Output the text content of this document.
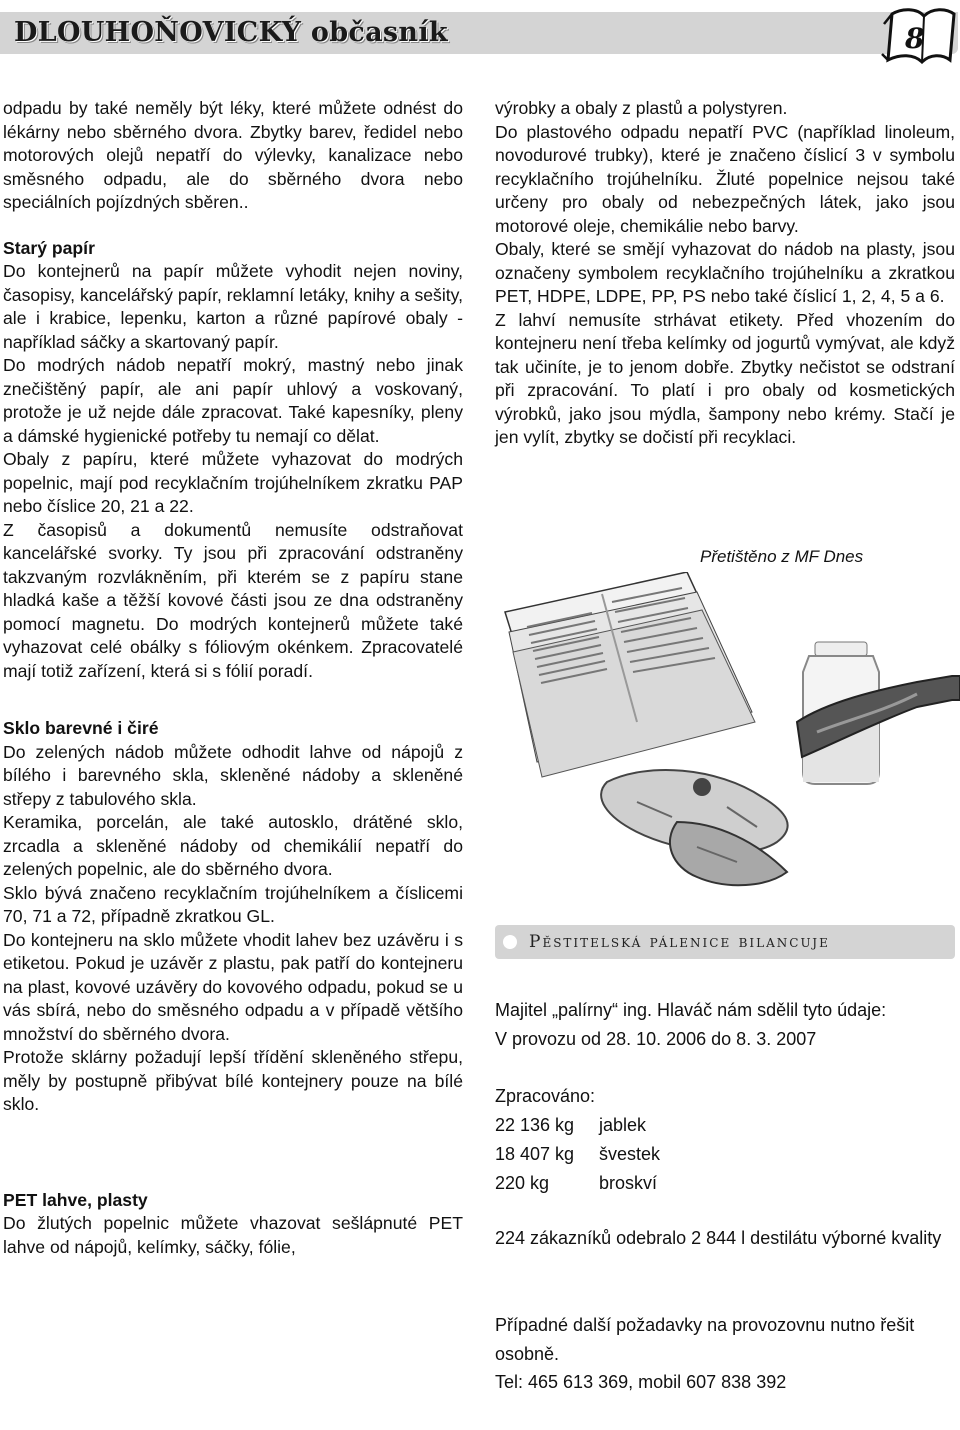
DLOUHOŇOVICKÝ občasník	8

odpadu by také neměly být léky, které můžete odnést do lékárny nebo sběrného dvora. Zbytky barev, ředidel nebo motorových olejů nepatří do výlevky, kanalizace nebo směsného odpadu, ale do sběrného dvora nebo speciálních pojízdných sběren..

Starý papír

Do kontejnerů na papír můžete vyhodit nejen noviny, časopisy, kancelářský papír, reklamní letáky, knihy a sešity, ale i krabice, lepenku, karton a různé papírové obaly - například sáčky a skartovaný papír.

Do modrých nádob nepatří mokrý, mastný nebo jinak znečištěný papír, ale ani papír uhlový a voskovaný, protože je už nejde dále zpracovat. Také kapesníky, pleny a dámské hygienické potřeby tu nemají co dělat.

Obaly z papíru, které můžete vyhazovat do modrých popelnic, mají pod recyklačním trojúhelníkem zkratku PAP nebo číslice 20, 21 a 22.

Z časopisů a dokumentů nemusíte odstraňovat kancelářské svorky. Ty jsou při zpracování odstraněny takzvaným rozvlákněním, při kterém se z papíru stane hladká kaše a těžší kovové části jsou ze dna odstraněny pomocí magnetu. Do modrých kontejnerů můžete také vyhazovat celé obálky s fóliovým okénkem. Zpracovatelé mají totiž zařízení, která si s fólií poradí.

Sklo barevné i čiré

Do zelených nádob můžete odhodit lahve od nápojů z bílého i barevného skla, skleněné nádoby a skleněné střepy z tabulového skla.

Keramika, porcelán, ale také autosklo, drátěné sklo, zrcadla a skleněné nádoby od chemikálií nepatří do zelených popelnic, ale do sběrného dvora.

Sklo bývá značeno recyklačním trojúhelníkem a číslicemi 70, 71 a 72, případně zkratkou GL.

Do kontejneru na sklo můžete vhodit lahev bez uzávěru i s etiketou. Pokud je uzávěr z plastu, pak patří do kontejneru na plast, kovové uzávěry do kovového odpadu, pokud se u vás sbírá, nebo do směsného odpadu a v případě většího množství do sběrného dvora.

Protože sklárny požadují lepší třídění skleněného střepu, měly by postupně přibývat bílé kontejnery pouze na bílé sklo.

PET lahve, plasty

Do žlutých popelnic můžete vhazovat sešlápnuté PET lahve od nápojů, kelímky, sáčky, fólie,

výrobky a obaly z plastů a polystyren.

Do plastového odpadu nepatří PVC (například linoleum, novodurové trubky), které je značeno číslicí 3 v symbolu recyklačního trojúhelníku. Žluté popelnice nejsou také určeny pro obaly od nebezpečných látek, jako jsou motorové oleje, chemikálie nebo barvy.

Obaly, které se smějí vyhazovat do nádob na plasty, jsou označeny symbolem recyklačního trojúhelníku a zkratkou PET, HDPE, LDPE, PP, PS nebo také číslicí 1, 2, 4, 5 a 6.

Z lahví nemusíte strhávat etikety. Před vhozením do kontejneru není třeba kelímky od jogurtů vymývat, ale když tak učiníte, je to jenom dobře. Zbytky nečistot se odstraní při zpracování. To platí i pro obaly od kosmetických výrobků, jako jsou mýdla, šampony nebo krémy. Stačí je jen vylít, zbytky se dočistí při recyklaci.

Přetištěno z MF Dnes
Pěstitelská pálenice bilancuje
Majitel „palírny“ ing. Hlaváč nám sdělil tyto údaje:
V provozu od 28. 10. 2006 do 8. 3. 2007
Zpracováno:
22 136 kg	jablek
18 407 kg	švestek
220 kg	broskví
224 zákazníků odebralo 2 844 l destilátu výborné kvality
Případné další požadavky na provozovnu nutno řešit osobně.
Tel: 465 613 369, mobil 607 838 392
